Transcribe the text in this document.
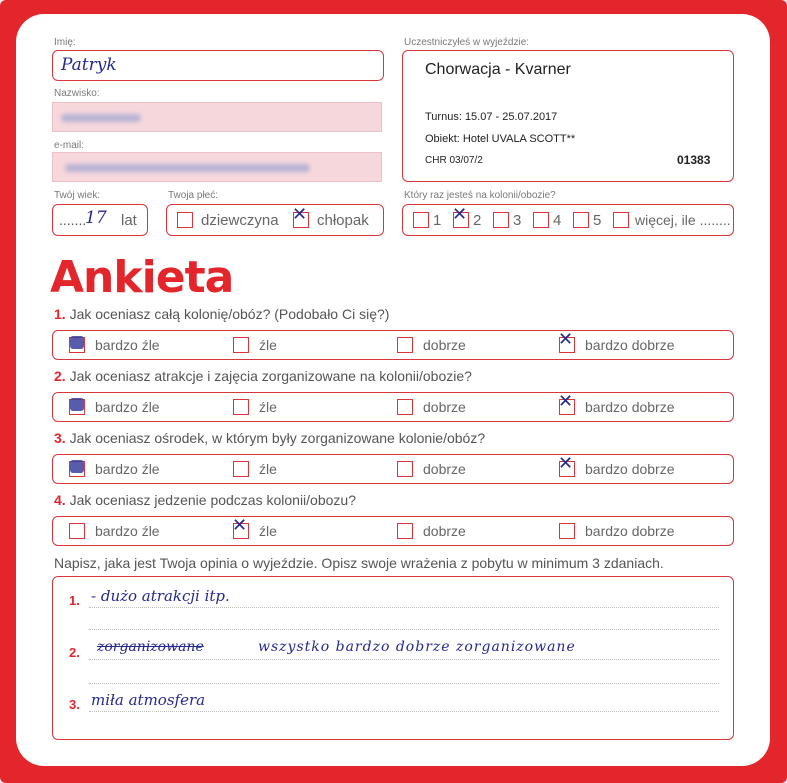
Imię:
Patryk
Nazwisko:
e-mail:
Twój wiek:
.......
17 lat
Twoja płeć:
dziewczyna ✕ chłopak
Uczestniczyłeś w wyjeździe:
Chorwacja - Kvarner
Turnus: 15.07 - 25.07.2017
Obiekt: Hotel UVALA SCOTT**
CHR 03/07/2	01383
Który raz jesteś na kolonii/obozie?
1 ✕ 2 3 4 5 więcej, ile ........
Ankieta
1. Jak oceniasz całą kolonię/obóz? (Podobało Ci się?)
bardzo źle	źle	dobrze	✕ bardzo dobrze
2. Jak oceniasz atrakcje i zajęcia zorganizowane na kolonii/obozie?
bardzo źle	źle	dobrze	✕ bardzo dobrze
3. Jak oceniasz ośrodek, w którym były zorganizowane kolonie/obóz?
bardzo źle	źle	dobrze	✕ bardzo dobrze
4. Jak oceniasz jedzenie podczas kolonii/obozu?
bardzo źle	✕ źle	dobrze	bardzo dobrze
Napisz, jaka jest Twoja opinia o wyjeździe. Opisz swoje wrażenia z pobytu w minimum 3 zdaniach.
1. - dużo atrakcji itp.
2. zorganizowane	wszystko bardzo dobrze zorganizowane
3. miła atmosfera
